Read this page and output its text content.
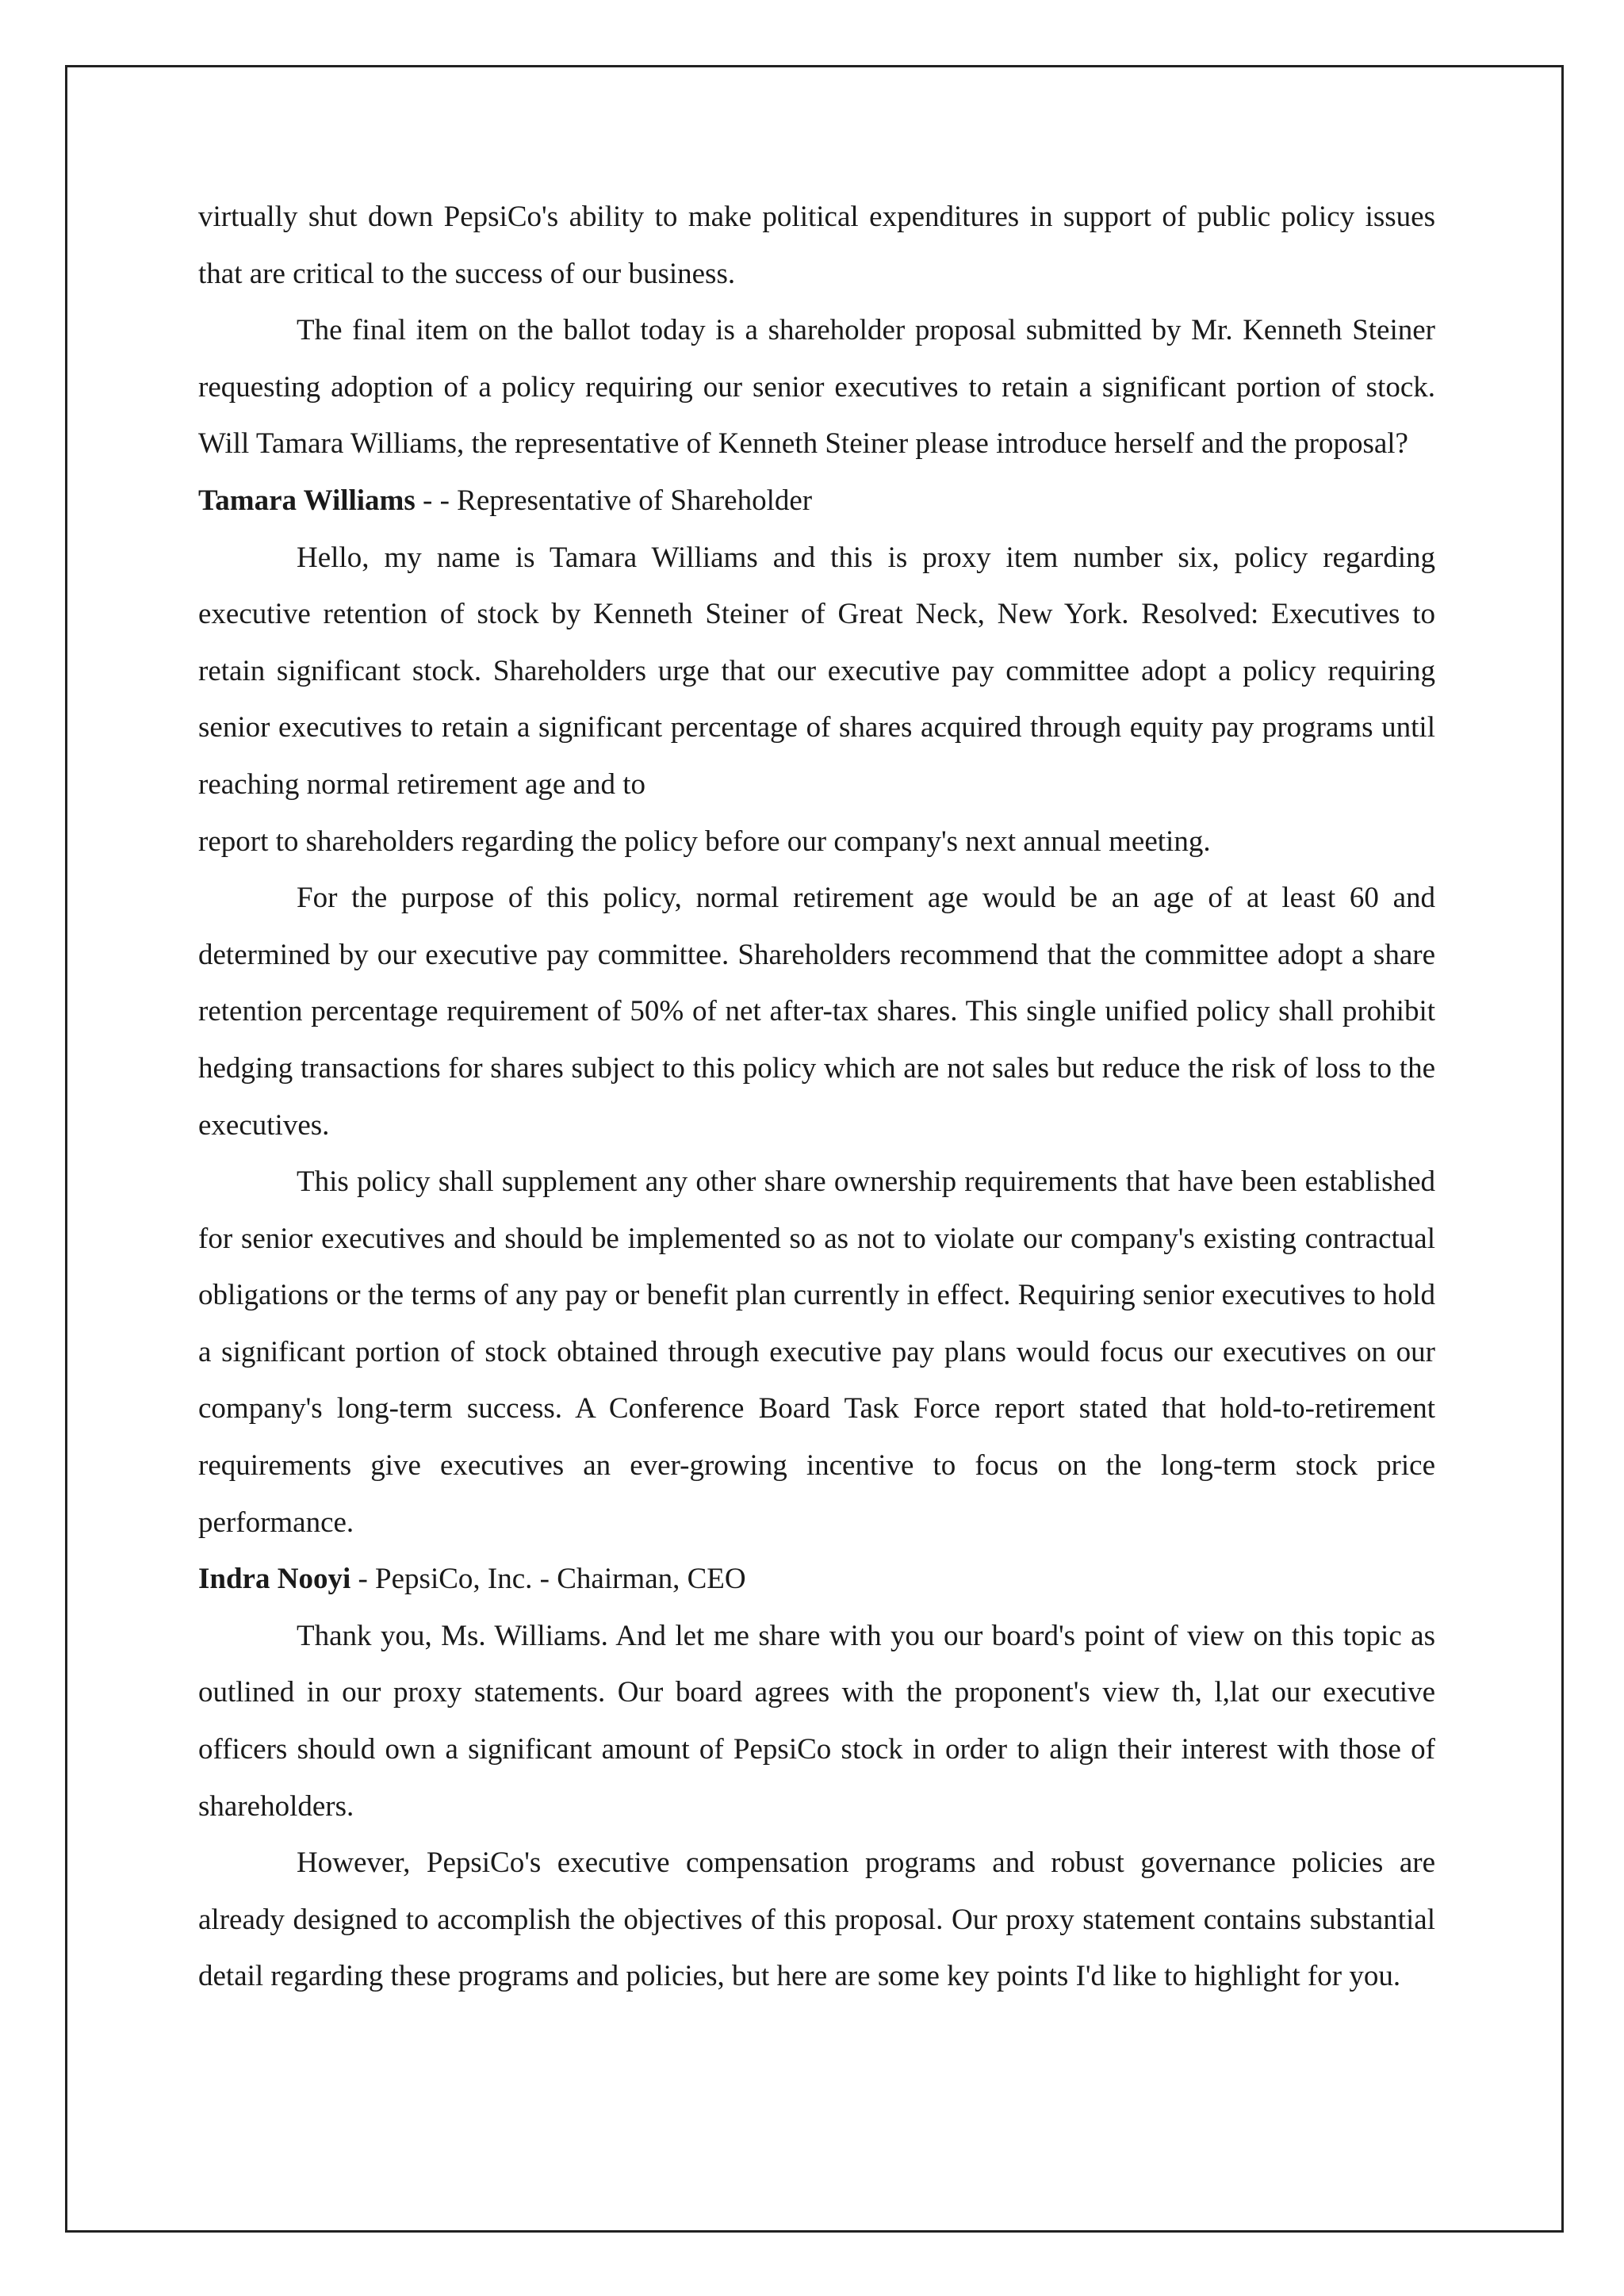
virtually shut down PepsiCo's ability to make political expenditures in support of public policy issues that are critical to the success of our business.

The final item on the ballot today is a shareholder proposal submitted by Mr. Kenneth Steiner requesting adoption of a policy requiring our senior executives to retain a significant portion of stock. Will Tamara Williams, the representative of Kenneth Steiner please introduce herself and the proposal?

Tamara Williams - - Representative of Shareholder

Hello, my name is Tamara Williams and this is proxy item number six, policy regarding executive retention of stock by Kenneth Steiner of Great Neck, New York. Resolved: Executives to retain significant stock. Shareholders urge that our executive pay committee adopt a policy requiring senior executives to retain a significant percentage of shares acquired through equity pay programs until reaching normal retirement age and to

report to shareholders regarding the policy before our company's next annual meeting.

For the purpose of this policy, normal retirement age would be an age of at least 60 and determined by our executive pay committee. Shareholders recommend that the committee adopt a share retention percentage requirement of 50% of net after-tax shares. This single unified policy shall prohibit hedging transactions for shares subject to this policy which are not sales but reduce the risk of loss to the executives.

This policy shall supplement any other share ownership requirements that have been established for senior executives and should be implemented so as not to violate our company's existing contractual obligations or the terms of any pay or benefit plan currently in effect. Requiring senior executives to hold a significant portion of stock obtained through executive pay plans would focus our executives on our company's long-term success. A Conference Board Task Force report stated that hold-to-retirement requirements give executives an ever-growing incentive to focus on the long-term stock price performance.

Indra Nooyi - PepsiCo, Inc. - Chairman, CEO

Thank you, Ms. Williams. And let me share with you our board's point of view on this topic as outlined in our proxy statements. Our board agrees with the proponent's view th, l,lat our executive officers should own a significant amount of PepsiCo stock in order to align their interest with those of shareholders.

However, PepsiCo's executive compensation programs and robust governance policies are already designed to accomplish the objectives of this proposal. Our proxy statement contains substantial detail regarding these programs and policies, but here are some key points I'd like to highlight for you.
